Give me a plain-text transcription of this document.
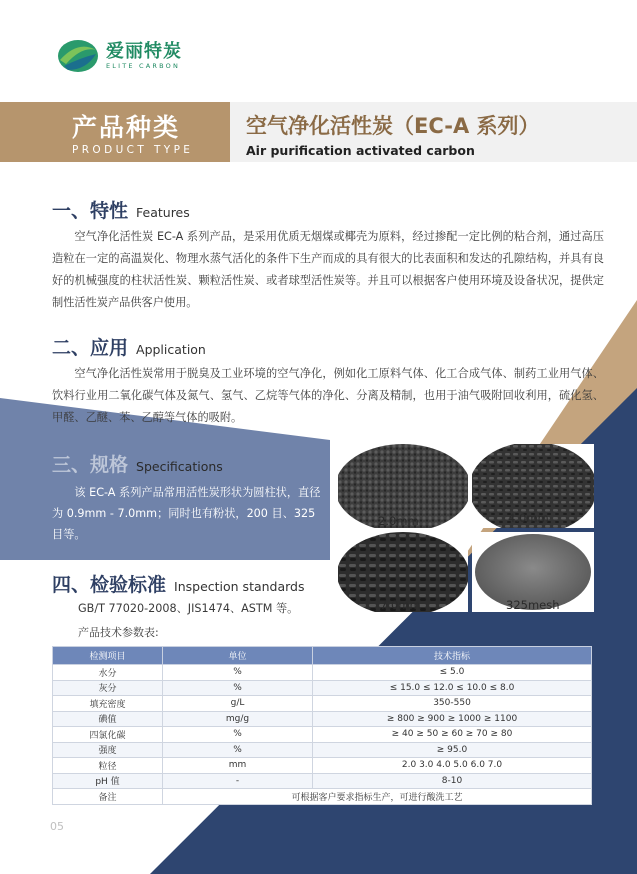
爱丽特炭
ELITE CARBON
产品种类
PRODUCT TYPE
空气净化活性炭（EC-A 系列）
Air purification activated carbon
一、特性 Features

空气净化活性炭 EC-A 系列产品，是采用优质无烟煤或椰壳为原料，经过掺配一定比例的粘合剂，通过高压造粒在一定的高温炭化、物理水蒸气活化的条件下生产而成的具有很大的比表面积和发达的孔隙结构，并具有良好的机械强度的柱状活性炭、颗粒活性炭、或者球型活性炭等。并且可以根据客户使用环境及设备状况，提供定制性活性炭产品供客户使用。

二、应用 Application

空气净化活性炭常用于脱臭及工业环境的空气净化，例如化工原料气体、化工合成气体、制药工业用气体、饮料行业用二氧化碳气体及氮气、氢气、乙烷等气体的净化、分离及精制，也用于油气吸附回收利用，硫化氢、甲醛、乙醚、苯、乙醇等气体的吸附。

三、规格 Specifications

该 EC-A 系列产品常用活性炭形状为圆柱状，直径为 0.9mm - 7.0mm；同时也有粉状，200 目、325 目等。

2.0mm	4.0mm
7.0mm	325mesh
四、检验标准 Inspection standards
GB/T 77020-2008、JIS1474、ASTM 等。
产品技术参数表:
检测项目	单位	技术指标
水分	%	≤ 5.0
灰分	%	≤ 15.0 ≤ 12.0 ≤ 10.0 ≤ 8.0
填充密度	g/L	350-550
碘值	mg/g	≥ 800 ≥ 900 ≥ 1000 ≥ 1100
四氯化碳	%	≥ 40 ≥ 50 ≥ 60 ≥ 70 ≥ 80
强度	%	≥ 95.0
粒径	mm	2.0 3.0 4.0 5.0 6.0 7.0
pH 值	-	8-10
备注	可根据客户要求指标生产，可进行酸洗工艺	
05
